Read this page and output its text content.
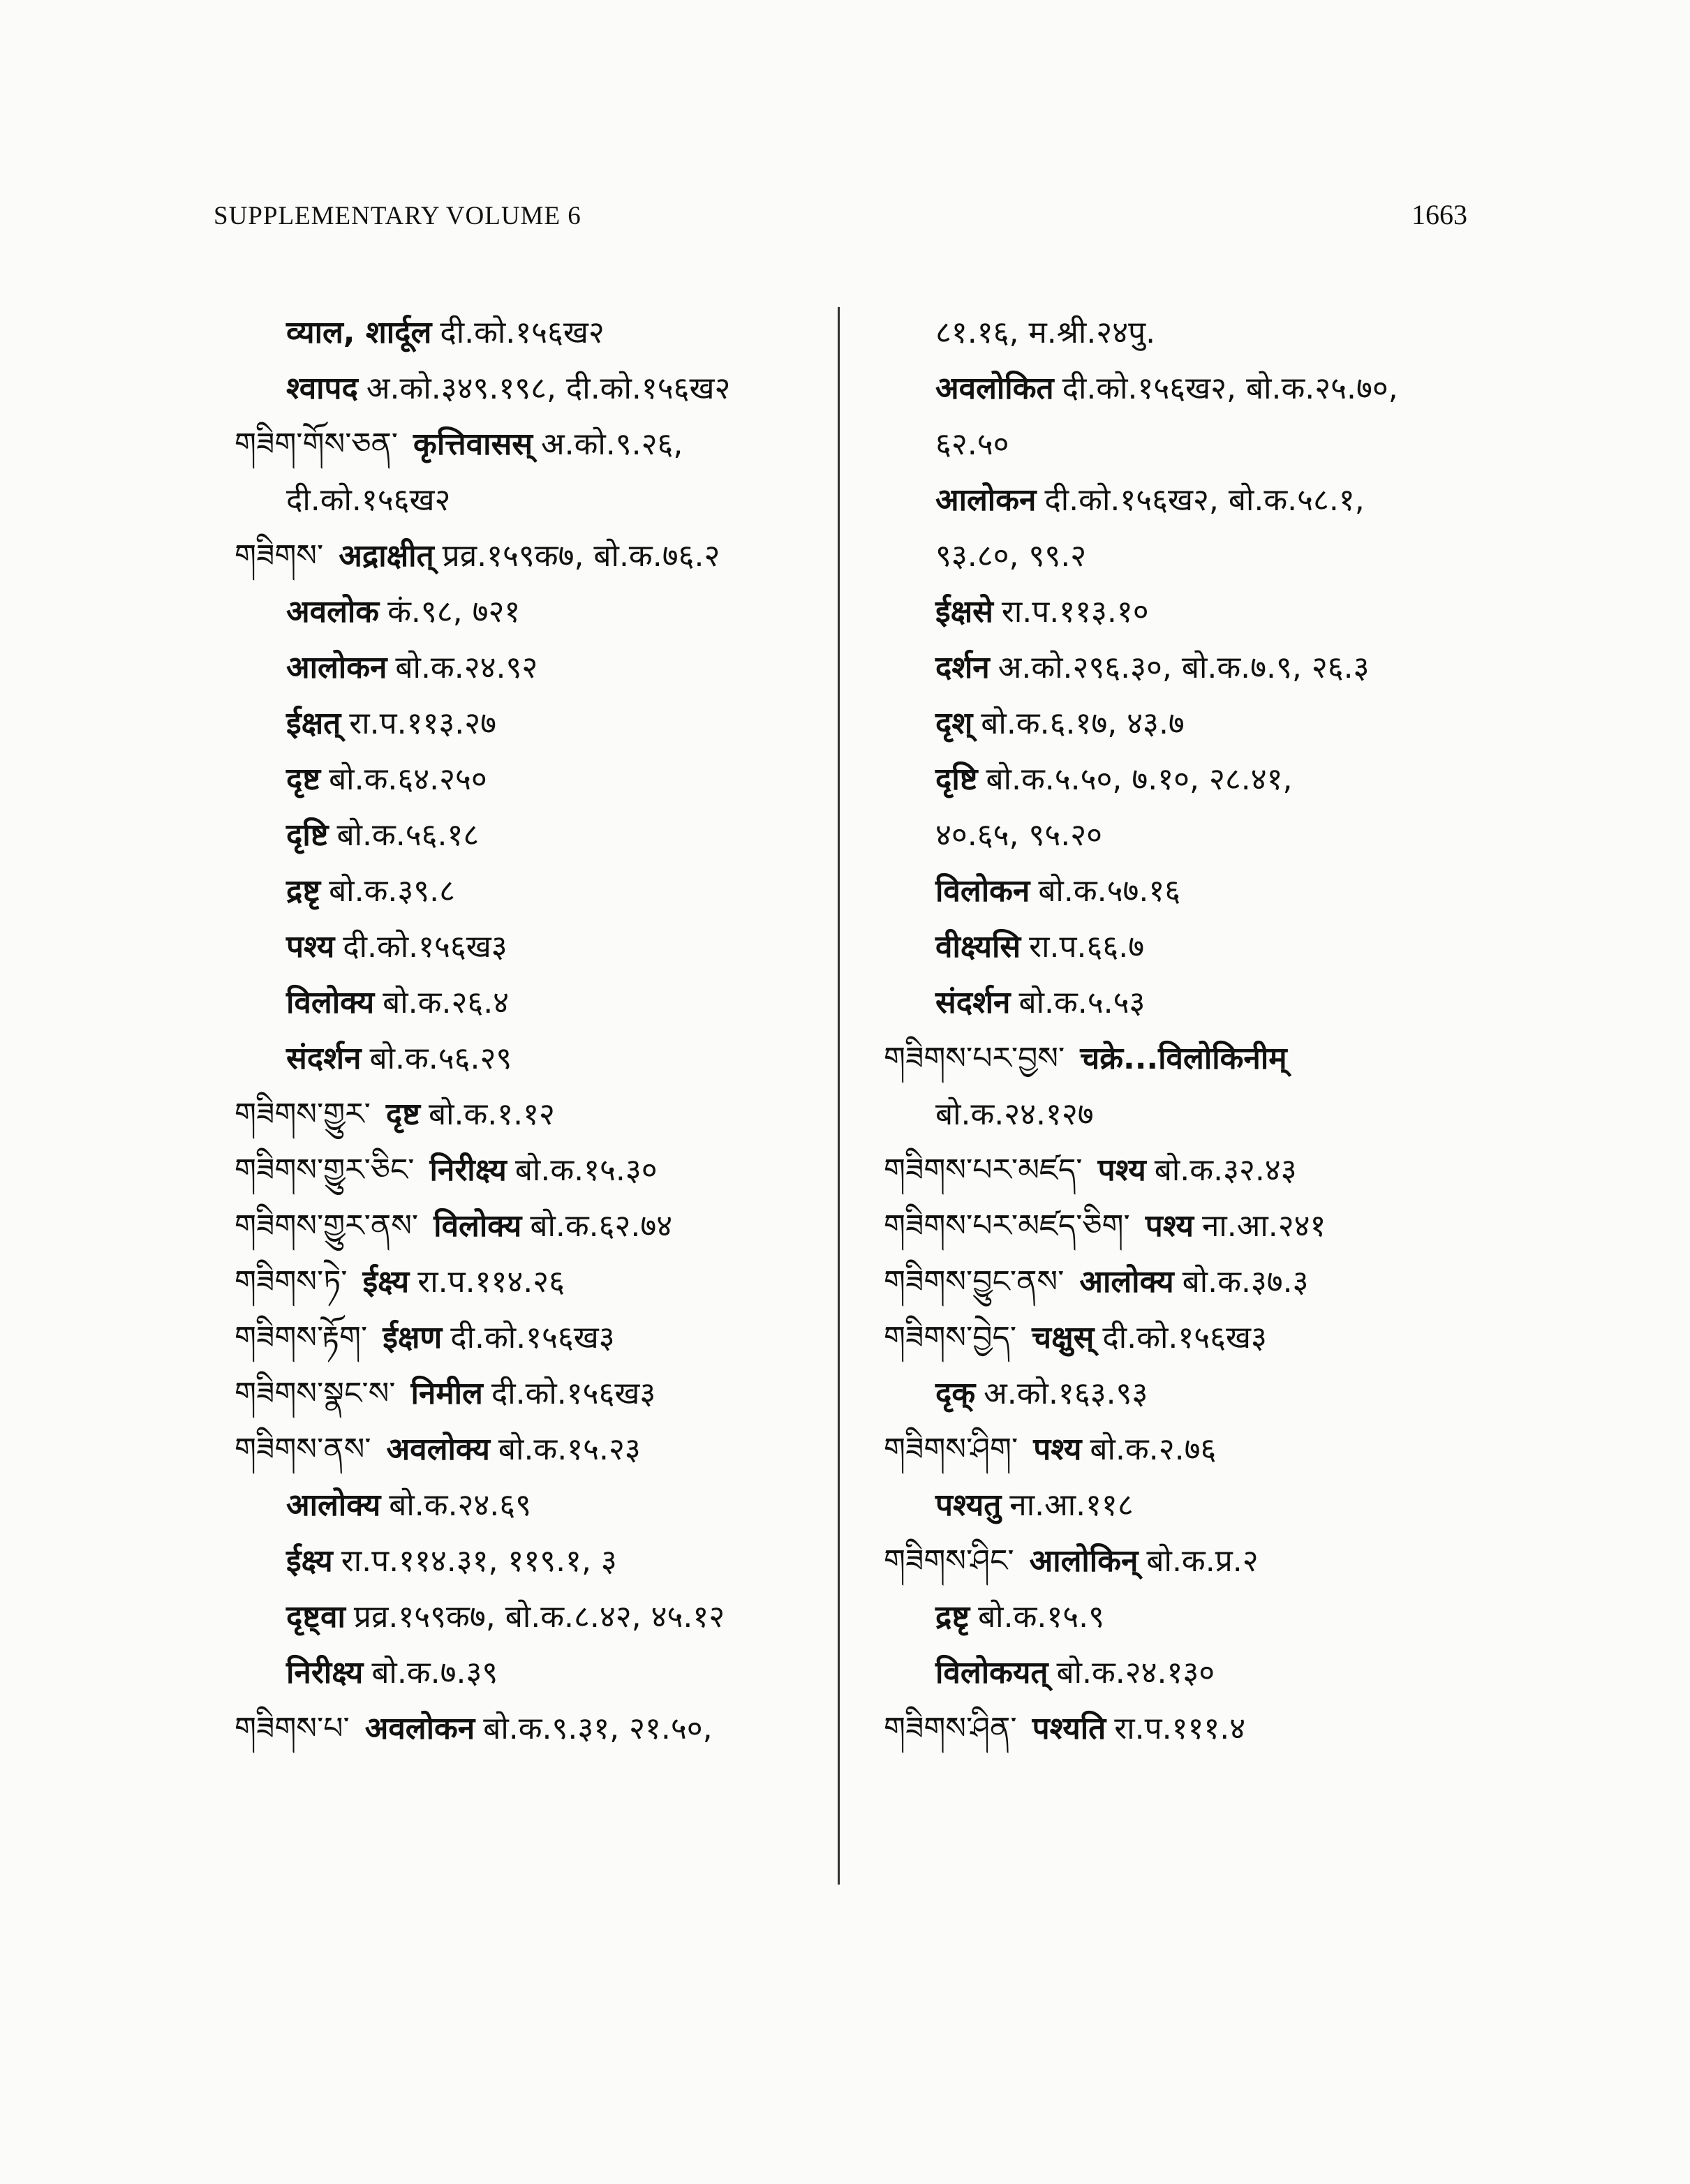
SUPPLEMENTARY VOLUME 6	1663
व्याल, शार्दूल दी.को.१५६ख२
श्वापद अ.को.३४९.१९८, दी.को.१५६ख२
གཟིག་གོས་ཅན་ कृत्तिवासस् अ.को.९.२६,
दी.को.१५६ख२
གཟིགས་ अद्राक्षीत् प्रव्र.१५९क७, बो.क.७६.२
अवलोक कं.९८, ७२१
आलोकन बो.क.२४.९२
ईक्षत् रा.प.११३.२७
दृष्ट बो.क.६४.२५०
दृष्टि बो.क.५६.१८
द्रष्टृ बो.क.३९.८
पश्य दी.को.१५६ख३
विलोक्य बो.क.२६.४
संदर्शन बो.क.५६.२९
གཟིགས་གྱུར་ दृष्ट बो.क.१.१२
གཟིགས་གྱུར་ཅིང་ निरीक्ष्य बो.क.१५.३०
གཟིགས་གྱུར་ནས་ विलोक्य बो.क.६२.७४
གཟིགས་ཏེ་ ईक्ष्य रा.प.११४.२६
གཟིགས་རྟོག་ ईक्षण दी.को.१५६ख३
གཟིགས་སྣང་ས་ निमील दी.को.१५६ख३
གཟིགས་ནས་ अवलोक्य बो.क.१५.२३
आलोक्य बो.क.२४.६९
ईक्ष्य रा.प.११४.३१, ११९.१, ३
दृष्ट्वा प्रव्र.१५९क७, बो.क.८.४२, ४५.१२
निरीक्ष्य बो.क.७.३९
གཟིགས་པ་ अवलोकन बो.क.९.३१, २१.५०,
८१.१६, म.श्री.२४पु.
अवलोकित दी.को.१५६ख२, बो.क.२५.७०,
६२.५०
आलोकन दी.को.१५६ख२, बो.क.५८.१,
९३.८०, ९९.२
ईक्षसे रा.प.११३.१०
दर्शन अ.को.२९६.३०, बो.क.७.९, २६.३
दृश् बो.क.६.१७, ४३.७
दृष्टि बो.क.५.५०, ७.१०, २८.४१,
४०.६५, ९५.२०
विलोकन बो.क.५७.१६
वीक्ष्यसि रा.प.६६.७
संदर्शन बो.क.५.५३
གཟིགས་པར་བྱས་ चक्रे...विलोकिनीम्
बो.क.२४.१२७
གཟིགས་པར་མཛད་ पश्य बो.क.३२.४३
གཟིགས་པར་མཛད་ཅིག་ पश्य ना.आ.२४१
གཟིགས་བྱུང་ནས་ आलोक्य बो.क.३७.३
གཟིགས་བྱེད་ चक्षुस् दी.को.१५६ख३
दृक् अ.को.१६३.९३
གཟིགས་ཤིག་ पश्य बो.क.२.७६
पश्यतु ना.आ.११८
གཟིགས་ཤིང་ आलोकिन् बो.क.प्र.२
द्रष्टृ बो.क.१५.९
विलोकयत् बो.क.२४.१३०
གཟིགས་ཤིན་ पश्यति रा.प.१११.४
